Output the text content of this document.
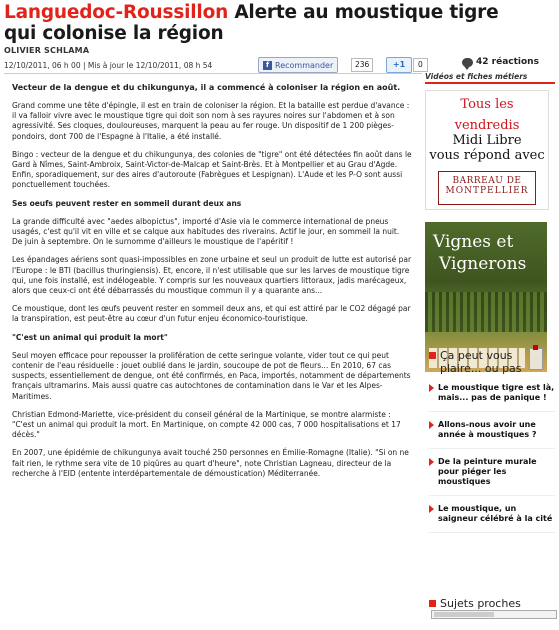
Languedoc-Roussillon Alerte au moustique tigre qui colonise la région
OLIVIER SCHLAMA
12/10/2011, 06 h 00 | Mis à jour le 12/10/2011, 08 h 54	f Recommander	236	+1	0	42 réactions

Vecteur de la dengue et du chikungunya, il a commencé à coloniser la région en août.

Grand comme une tête d'épingle, il est en train de coloniser la région. Et la bataille est perdue d'avance : il va falloir vivre avec le moustique tigre qui doit son nom à ses rayures noires sur l'abdomen et à son agressivité. Ses cloques, douloureuses, marquent la peau au fer rouge. Un dispositif de 1 200 pièges-pondoirs, dont 700 de l'Espagne à l'Italie, a été installé.

Bingo : vecteur de la dengue et du chikungunya, des colonies de "tigre" ont été détectées fin août dans le Gard à Nîmes, Saint-Ambroix, Saint-Victor-de-Malcap et Saint-Brès. Et à Montpellier et au Grau d'Agde. Enfin, sporadiquement, sur des aires d'autoroute (Fabrègues et Lespignan). L'Aude et les P-O sont aussi ponctuellement touchées.

Ses oeufs peuvent rester en sommeil durant deux ans

La grande difficulté avec "aedes albopictus", importé d'Asie via le commerce international de pneus usagés, c'est qu'il vit en ville et se calque aux habitudes des riverains. Actif le jour, en sommeil la nuit. De juin à septembre. On le surnomme d'ailleurs le moustique de l'apéritif !

Les épandages aériens sont quasi-impossibles en zone urbaine et seul un produit de lutte est autorisé par l'Europe : le BTI (bacillus thuringiensis). Et, encore, il n'est utilisable que sur les larves de moustique tigre qui, une fois installé, est indélogeable. Y compris sur les nouveaux quartiers littoraux, jadis marécageux, alors que ceux-ci ont été débarrassés du moustique commun il y a quarante ans...

Ce moustique, dont les œufs peuvent rester en sommeil deux ans, et qui est attiré par le CO2 dégagé par la transpiration, est peut-être au cœur d'un futur enjeu économico-touristique.

"C'est un animal qui produit la mort"

Seul moyen efficace pour repousser la prolifération de cette seringue volante, vider tout ce qui peut contenir de l'eau résiduelle : jouet oublié dans le jardin, soucoupe de pot de fleurs... En 2010, 67 cas suspects, essentiellement de dengue, ont été confirmés, en Paca, importés, notamment de départements français ultramarins. Mais aussi quatre cas autochtones de contamination dans le Var et les Alpes-Maritimes.

Christian Edmond-Mariette, vice-président du conseil général de la Martinique, se montre alarmiste : "C'est un animal qui produit la mort. En Martinique, on compte 42 000 cas, 7 000 hospitalisations et 17 décès."

En 2007, une épidémie de chikungunya avait touché 250 personnes en Émilie-Romagne (Italie). "Si on ne fait rien, le rythme sera vite de 10 piqûres au quart d'heure", note Christian Lagneau, directeur de la recherche à l'EID (entente interdépartementale de démoustication) Méditerranée.

Vidéos et fiches métiers
Tous les
vendredis
Midi Libre
vous répond avec
BARREAU DE
MONTPELLIER
Vignes et
Vignerons
Ça peut vous plaire... ou pas
Le moustique tigre est là, mais... pas de panique !
Allons-nous avoir une année à moustiques ?
De la peinture murale pour piéger les moustiques
Le moustique, un saigneur célébré à la cité
Sujets proches
